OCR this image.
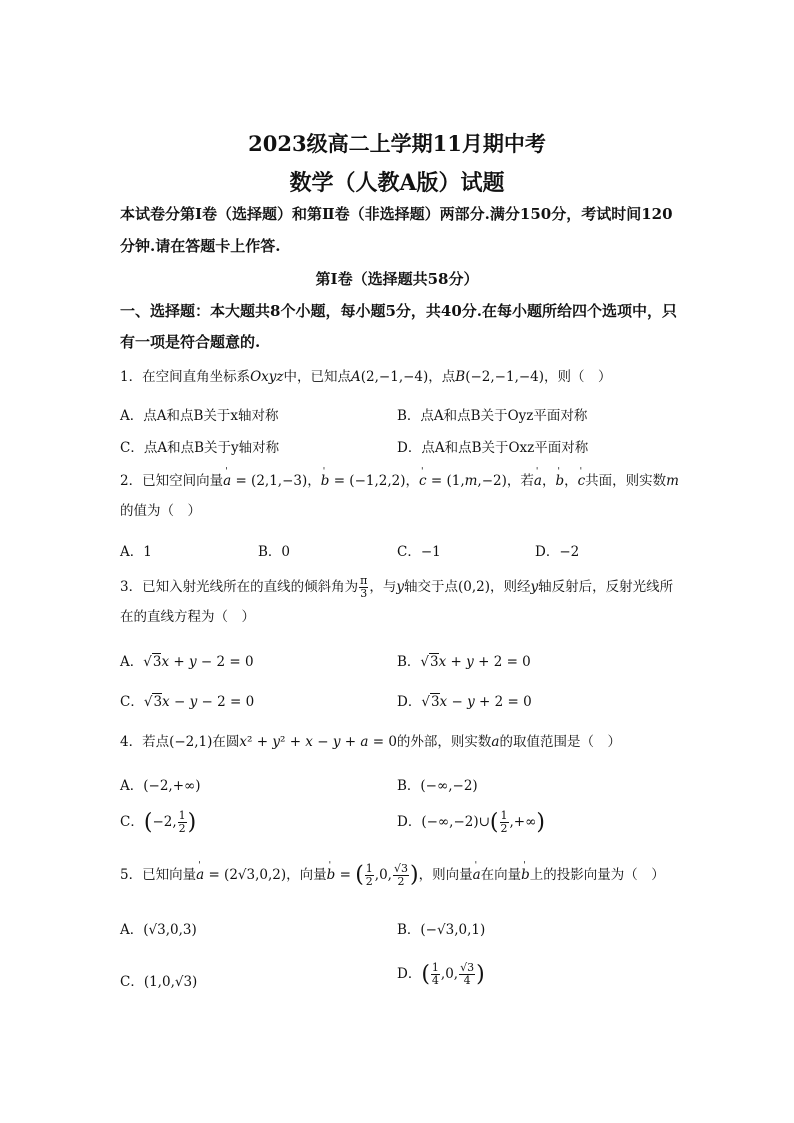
2023级高二上学期11月期中考
数学（人教A版）试题
本试卷分第Ⅰ卷（选择题）和第Ⅱ卷（非选择题）两部分.满分150分，考试时间120分钟.请在答题卡上作答.
第Ⅰ卷（选择题共58分）
一、选择题：本大题共8个小题，每小题5分，共40分.在每小题所给四个选项中，只有一项是符合题意的.
1．在空间直角坐标系Oxyz中，已知点A(2,−1,−4)，点B(−2,−1,−4)，则（　）
A．点A和点B关于x轴对称	B．点A和点B关于Oyz平面对称
C．点A和点B关于y轴对称	D．点A和点B关于Oxz平面对称
2．已知空间向量' a = (2,1,−3)，' b = (−1,2,2)，' c = (1,m,−2)，若' a，' b，' c共面，则实数m的值为（　）
A．1	B．0	C．−1	D．−2
3．已知入射光线所在的直线的倾斜角为 $\frac{\pi}{3}$ ，与y轴交于点(0,2)，则经y轴反射后，反射光线所在的直线方程为（　）
A．√3x + y − 2 = 0	B．√3x + y + 2 = 0
C．√3x − y − 2 = 0	D．√3x − y + 2 = 0
4．若点(−2,1)在圆x² + y² + x − y + a = 0的外部，则实数a的取值范围是（　）
A．(−2,+∞)	B．(−∞,−2)
C．(−2, $\frac{1}{2}$ )	D．(−∞,−2)∪( $\frac{1}{2}$ ,+∞)
5．已知向量' a = (2√3,0,2)，向量' b = ( $\frac{1}{2} ,0$, $\frac{√3}{2}$ )，则向量' a在向量' b上的投影向量为（　）
A．(√3,0,3)	B．(−√3,0,1)
C．(1,0,√3)	D．( $\frac{1}{4} ,0$, $\frac{√3}{4}$ )
